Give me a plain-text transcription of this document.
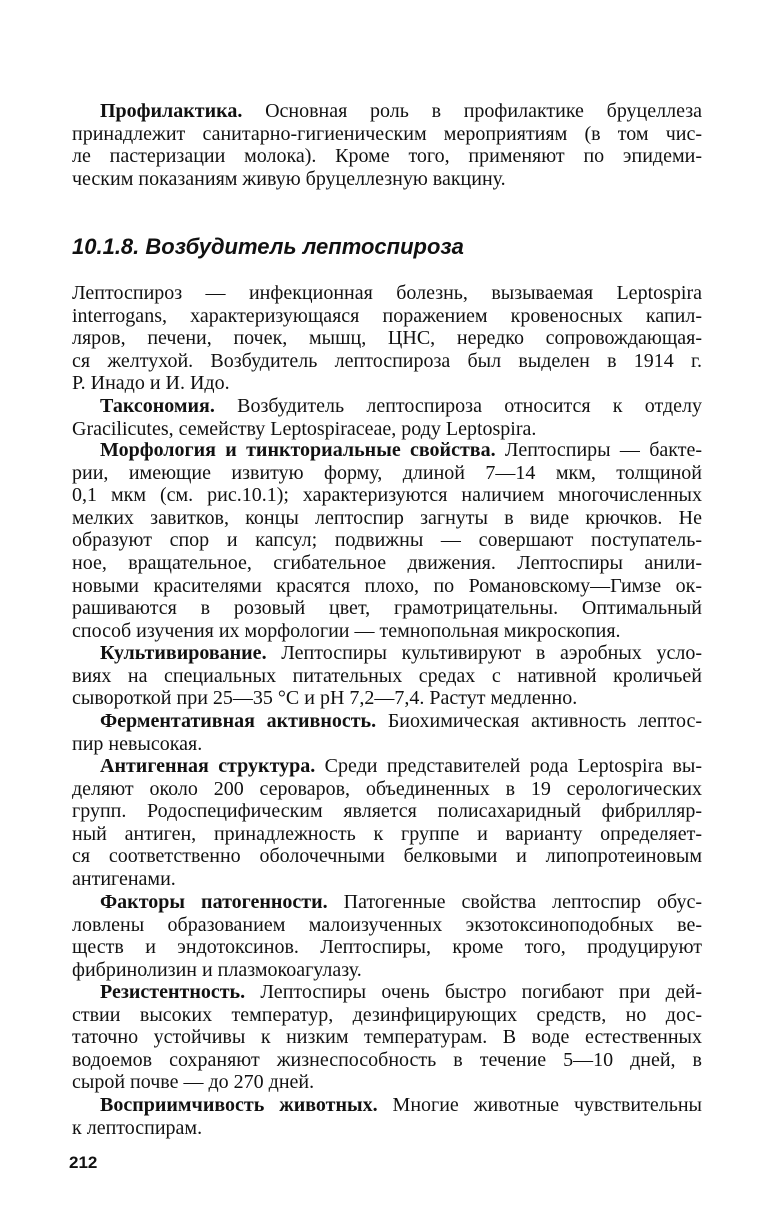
Профилактика. Основная роль в профилактике бруцеллеза
принадлежит санитарно-гигиеническим мероприятиям (в том чис-
ле пастеризации молока). Кроме того, применяют по эпидеми-
ческим показаниям живую бруцеллезную вакцину.
10.1.8. Возбудитель лептоспироза
Лептоспироз — инфекционная болезнь, вызываемая Leptospira
interrogans, характеризующаяся поражением кровеносных капил-
ляров, печени, почек, мышц, ЦНС, нередко сопровождающая-
ся желтухой. Возбудитель лептоспироза был выделен в 1914 г.
Р. Инадо и И. Идо.
Таксономия. Возбудитель лептоспироза относится к отделу
Gracilicutes, семейству Leptospiraceae, роду Leptospira.
Морфология и тинкториальные свойства. Лептоспиры — бакте-
рии, имеющие извитую форму, длиной 7—14 мкм, толщиной
0,1 мкм (см. рис.10.1); характеризуются наличием многочисленных
мелких завитков, концы лептоспир загнуты в виде крючков. Не
образуют спор и капсул; подвижны — совершают поступатель-
ное, вращательное, сгибательное движения. Лептоспиры анили-
новыми красителями красятся плохо, по Романовскому—Гимзе ок-
рашиваются в розовый цвет, грамотрицательны. Оптимальный
способ изучения их морфологии — темнопольная микроскопия.
Культивирование. Лептоспиры культивируют в аэробных усло-
виях на специальных питательных средах с нативной кроличьей
сывороткой при 25—35 °С и рН 7,2—7,4. Растут медленно.
Ферментативная активность. Биохимическая активность лептос-
пир невысокая.
Антигенная структура. Среди представителей рода Leptospira вы-
деляют около 200 сероваров, объединенных в 19 серологических
групп. Родоспецифическим является полисахаридный фибрилляр-
ный антиген, принадлежность к группе и варианту определяет-
ся соответственно оболочечными белковыми и липопротеиновым
антигенами.
Факторы патогенности. Патогенные свойства лептоспир обус-
ловлены образованием малоизученных экзотоксиноподобных ве-
ществ и эндотоксинов. Лептоспиры, кроме того, продуцируют
фибринолизин и плазмокоагулазу.
Резистентность. Лептоспиры очень быстро погибают при дей-
ствии высоких температур, дезинфицирующих средств, но дос-
таточно устойчивы к низким температурам. В воде естественных
водоемов сохраняют жизнеспособность в течение 5—10 дней, в
сырой почве — до 270 дней.
Восприимчивость животных. Многие животные чувствительны
к лептоспирам.
212
